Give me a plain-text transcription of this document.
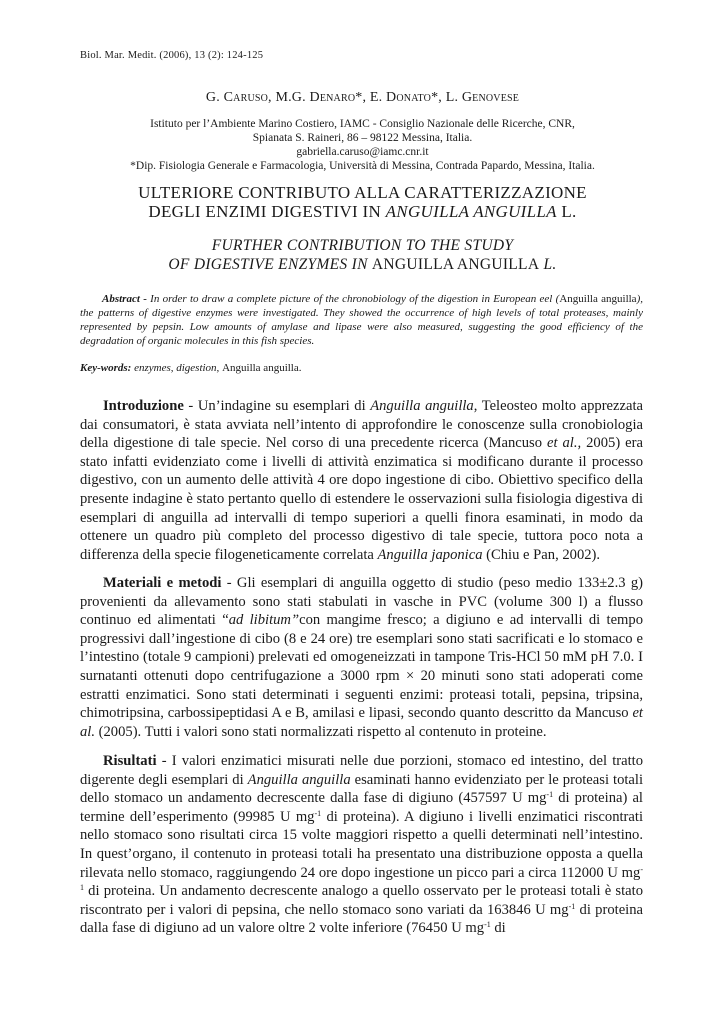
Biol. Mar. Medit. (2006), 13 (2): 124-125
G. Caruso, M.G. Denaro*, E. Donato*, L. Genovese
Istituto per l’Ambiente Marino Costiero, IAMC - Consiglio Nazionale delle Ricerche, CNR,
Spianata S. Raineri, 86 – 98122 Messina, Italia.
gabriella.caruso@iamc.cnr.it
*Dip. Fisiologia Generale e Farmacologia, Università di Messina, Contrada Papardo, Messina, Italia.
ULTERIORE CONTRIBUTO ALLA CARATTERIZZAZIONE
DEGLI ENZIMI DIGESTIVI IN ANGUILLA ANGUILLA L.
FURTHER CONTRIBUTION TO THE STUDY
OF DIGESTIVE ENZYMES IN ANGUILLA ANGUILLA L.
Abstract - In order to draw a complete picture of the chronobiology of the digestion in European eel (Anguilla anguilla), the patterns of digestive enzymes were investigated. They showed the occurrence of high levels of total proteases, mainly represented by pepsin. Low amounts of amylase and lipase were also measured, suggesting the good efficiency of the degradation of organic molecules in this fish species.
Key-words: enzymes, digestion, Anguilla anguilla.
Introduzione - Un’indagine su esemplari di Anguilla anguilla, Teleosteo molto apprezzata dai consumatori, è stata avviata nell’intento di approfondire le conoscenze sulla cronobiologia della digestione di tale specie. Nel corso di una precedente ricerca (Mancuso et al., 2005) era stato infatti evidenziato come i livelli di attività enzimatica si modificano durante il processo digestivo, con un aumento delle attività 4 ore dopo ingestione di cibo. Obiettivo specifico della presente indagine è stato pertanto quello di estendere le osservazioni sulla fisiologia digestiva di esemplari di anguilla ad intervalli di tempo superiori a quelli finora esaminati, in modo da ottenere un quadro più completo del processo digestivo di tale specie, tuttora poco nota a differenza della specie filogeneticamente correlata Anguilla japonica (Chiu e Pan, 2002).
Materiali e metodi - Gli esemplari di anguilla oggetto di studio (peso medio 133±2.3 g) provenienti da allevamento sono stati stabulati in vasche in PVC (volume 300 l) a flusso continuo ed alimentati “ad libitum”con mangime fresco; a digiuno e ad intervalli di tempo progressivi dall’ingestione di cibo (8 e 24 ore) tre esemplari sono stati sacrificati e lo stomaco e l’intestino (totale 9 campioni) prelevati ed omogeneizzati in tampone Tris-HCl 50 mM pH 7.0. I surnatanti ottenuti dopo centrifugazione a 3000 rpm × 20 minuti sono stati adoperati come estratti enzimatici. Sono stati determinati i seguenti enzimi: proteasi totali, pepsina, tripsina, chimotripsina, carbossipeptidasi A e B, amilasi e lipasi, secondo quanto descritto da Mancuso et al. (2005). Tutti i valori sono stati normalizzati rispetto al contenuto in proteine.
Risultati - I valori enzimatici misurati nelle due porzioni, stomaco ed intestino, del tratto digerente degli esemplari di Anguilla anguilla esaminati hanno evidenziato per le proteasi totali dello stomaco un andamento decrescente dalla fase di digiuno (457597 U $mg^{-1}$ di proteina) al termine dell’esperimento (99985 U $mg^{-1}$ di proteina). A digiuno i livelli enzimatici riscontrati nello stomaco sono risultati circa 15 volte maggiori rispetto a quelli determinati nell’intestino. In quest’organo, il contenuto in proteasi totali ha presentato una distribuzione opposta a quella rilevata nello stomaco, raggiungendo 24 ore dopo ingestione un picco pari a circa 112000 U $mg^{-1}$ di proteina. Un andamento decrescente analogo a quello osservato per le proteasi totali è stato riscontrato per i valori di pepsina, che nello stomaco sono variati da 163846 U $mg^{-1}$ di proteina dalla fase di digiuno ad un valore oltre 2 volte inferiore (76450 U $mg^{-1}$ di
